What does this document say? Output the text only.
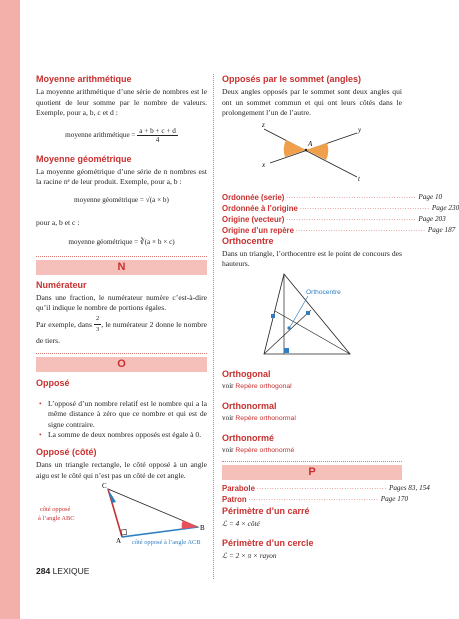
Moyenne arithmétique

La moyenne arithmétique d’une série de nombres est le quotient de leur somme par le nombre de valeurs. Exemple, pour a, b, c et d :

moyenne arithmétique = $\frac{a + b + c + d}{4}$
Moyenne géométrique

La moyenne géométrique d’une série de n nombres est la racine nᵉ de leur produit. Exemple, pour a, b :

moyenne géométrique = √(a × b)

pour a, b et c :

moyenne géométrique = ∛(a × b × c)
N
Numérateur

Dans une fraction, le numérateur numère c’est-à-dire qu’il indique le nombre de portions égales.

Par exemple, dans $\frac{2}{3}$ , le numérateur 2 donne le nombre de tiers.

O
Opposé
• L’opposé d’un nombre relatif est le nombre qui a la même distance à zéro que ce nombre et qui est de signe contraire.
• La somme de deux nombres opposés est égale à 0.
Opposé (côté)

Dans un triangle rectangle, le côté opposé à un angle aigu est le côté qui n’est pas un côté de cet angle.

C
A
B
côté opposé
à l’angle ABC
côté opposé à l’angle ACB
Opposés par le sommet (angles)

Deux angles opposés par le sommet sont deux angles qui ont un sommet commun et qui ont leurs côtés dans le prolongement l’un de l’autre.

z
y
x
t
A
Ordonnée (serie) .................................................... Page 10
Ordonnée à l’origine .................................................... Page 230
Origine (vecteur) .................................................... Page 203
Origine d’un repère .................................................... Page 187
Orthocentre

Dans un triangle, l’orthocentre est le point de concours des hauteurs.

Orthocentre
Orthogonal
voir Repère orthogonal
Orthonormal
voir Repère orthonormal
Orthonormé
voir Repère orthonormé
P
Parabole .................................................... Pages 83, 154
Patron .................................................... Page 170
Périmètre d’un carré
ℒ = 4 × côté
Périmètre d’un cercle
ℒ = 2 × π × rayon
284 LEXIQUE
